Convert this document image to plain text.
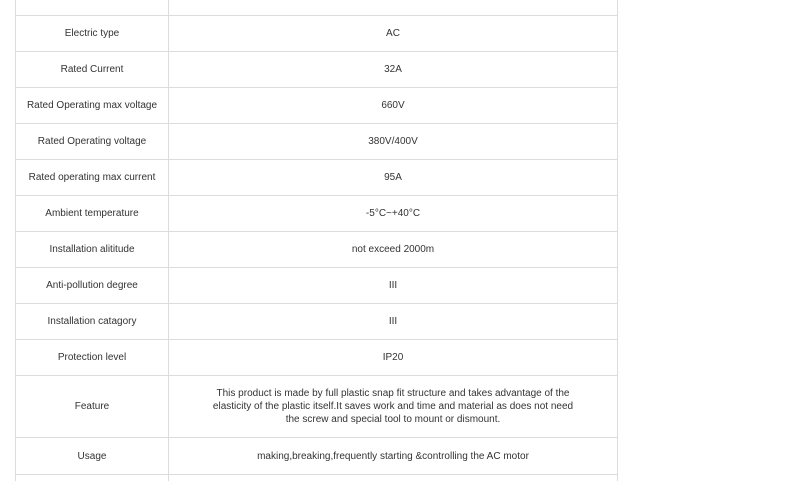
Electric type	AC
Rated Current	32A
Rated Operating max voltage	660V
Rated Operating voltage	380V/400V
Rated operating max current	95A
Ambient temperature	-5°C~+40°C
Installation alititude	not exceed 2000m
Anti-pollution degree	III
Installation catagory	III
Protection level	IP20
Feature	This product is made by full plastic snap fit structure and takes advantage of the elasticity of the plastic itself.It saves work and time and material as does not need the screw and special tool to mount or dismount.

Usage	making,breaking,frequently starting &controlling the AC motor
